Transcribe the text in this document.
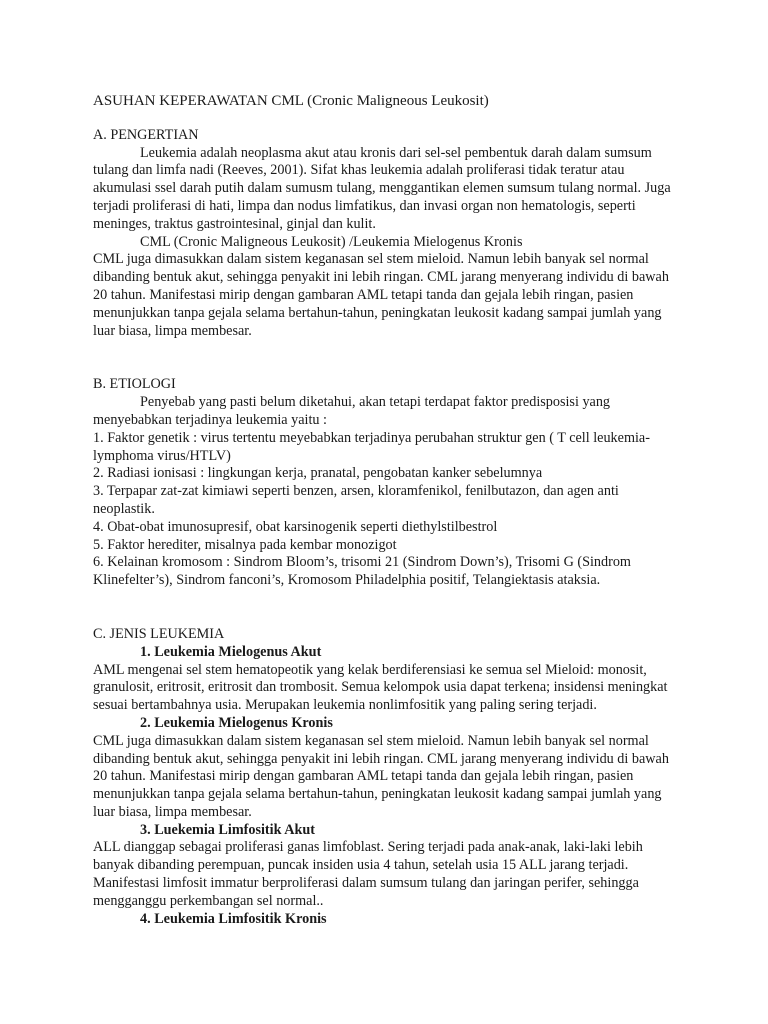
ASUHAN KEPERAWATAN CML (Cronic Maligneous Leukosit)
A. PENGERTIAN

Leukemia adalah neoplasma akut atau kronis dari sel-sel pembentuk darah dalam sumsum tulang dan limfa nadi (Reeves, 2001). Sifat khas leukemia adalah proliferasi tidak teratur atau akumulasi ssel darah putih dalam sumusm tulang, menggantikan elemen sumsum tulang normal. Juga terjadi proliferasi di hati, limpa dan nodus limfatikus, dan invasi organ non hematologis, seperti meninges, traktus gastrointesinal, ginjal dan kulit.

CML (Cronic Maligneous Leukosit) /Leukemia Mielogenus Kronis

CML juga dimasukkan dalam sistem keganasan sel stem mieloid. Namun lebih banyak sel normal dibanding bentuk akut, sehingga penyakit ini lebih ringan. CML jarang menyerang individu di bawah 20 tahun. Manifestasi mirip dengan gambaran AML tetapi tanda dan gejala lebih ringan, pasien menunjukkan tanpa gejala selama bertahun-tahun, peningkatan leukosit kadang sampai jumlah yang luar biasa, limpa membesar.

B. ETIOLOGI

Penyebab yang pasti belum diketahui, akan tetapi terdapat faktor predisposisi yang menyebabkan terjadinya leukemia yaitu :

1. Faktor genetik : virus tertentu meyebabkan terjadinya perubahan struktur gen ( T cell leukemia-lymphoma virus/HTLV)

2. Radiasi ionisasi : lingkungan kerja, pranatal, pengobatan kanker sebelumnya

3. Terpapar zat-zat kimiawi seperti benzen, arsen, kloramfenikol, fenilbutazon, dan agen anti neoplastik.

4. Obat-obat imunosupresif, obat karsinogenik seperti diethylstilbestrol

5. Faktor herediter, misalnya pada kembar monozigot

6. Kelainan kromosom : Sindrom Bloom’s, trisomi 21 (Sindrom Down’s), Trisomi G (Sindrom Klinefelter’s), Sindrom fanconi’s, Kromosom Philadelphia positif, Telangiektasis ataksia.

C. JENIS LEUKEMIA
1. Leukemia Mielogenus Akut

AML mengenai sel stem hematopeotik yang kelak berdiferensiasi ke semua sel Mieloid: monosit, granulosit, eritrosit, eritrosit dan trombosit. Semua kelompok usia dapat terkena; insidensi meningkat sesuai bertambahnya usia. Merupakan leukemia nonlimfositik yang paling sering terjadi.

2. Leukemia Mielogenus Kronis

CML juga dimasukkan dalam sistem keganasan sel stem mieloid. Namun lebih banyak sel normal dibanding bentuk akut, sehingga penyakit ini lebih ringan. CML jarang menyerang individu di bawah 20 tahun. Manifestasi mirip dengan gambaran AML tetapi tanda dan gejala lebih ringan, pasien menunjukkan tanpa gejala selama bertahun-tahun, peningkatan leukosit kadang sampai jumlah yang luar biasa, limpa membesar.

3. Luekemia Limfositik Akut

ALL dianggap sebagai proliferasi ganas limfoblast. Sering terjadi pada anak-anak, laki-laki lebih banyak dibanding perempuan, puncak insiden usia 4 tahun, setelah usia 15 ALL jarang terjadi. Manifestasi limfosit immatur berproliferasi dalam sumsum tulang dan jaringan perifer, sehingga mengganggu perkembangan sel normal..

4. Leukemia Limfositik Kronis
